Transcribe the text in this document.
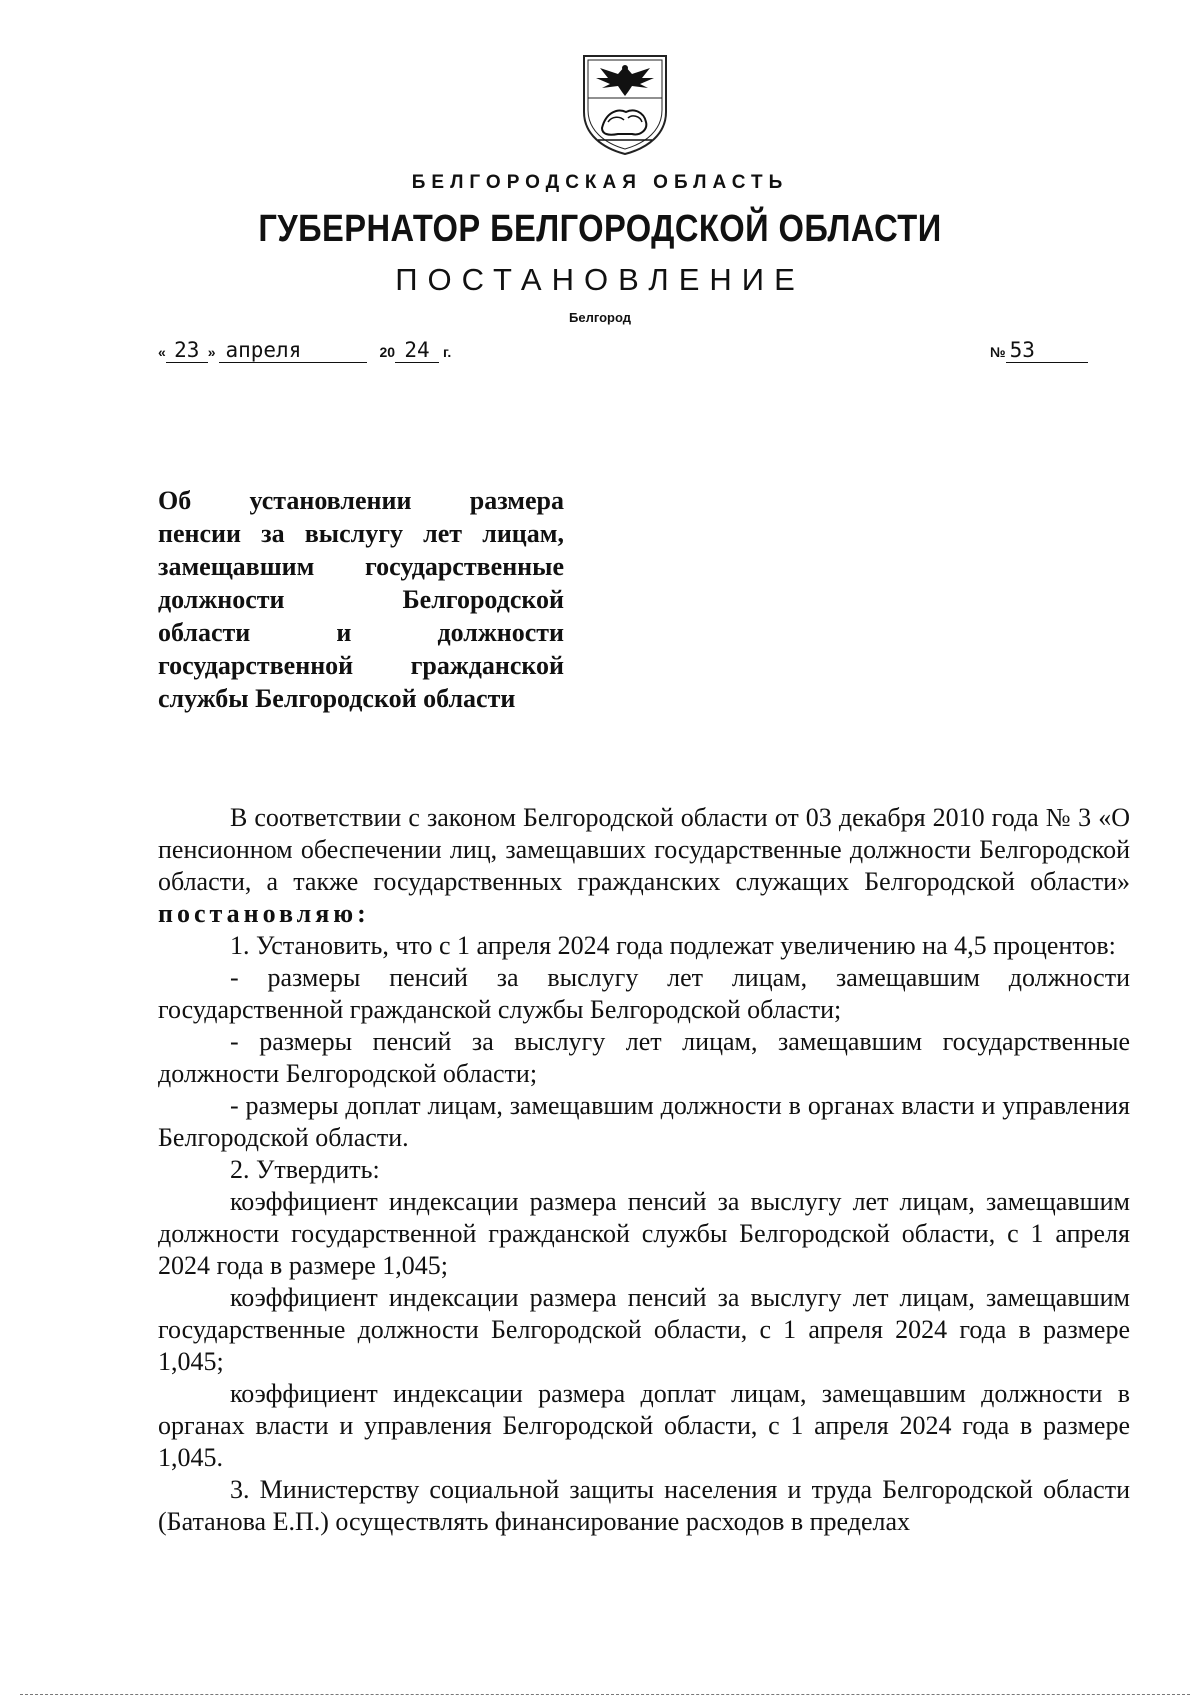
БЕЛГОРОДСКАЯ ОБЛАСТЬ
ГУБЕРНАТОР БЕЛГОРОДСКОЙ ОБЛАСТИ
ПОСТАНОВЛЕНИЕ
Белгород
« 23 » апреля	20 24 г.	№ 53
Об установлении размера
пенсии за выслугу лет лицам,
замещавшим государственные
должности Белгородской
области и должности
государственной гражданской
службы Белгородской области

В соответствии с законом Белгородской области от 03 декабря 2010 года № 3 «О пенсионном обеспечении лиц, замещавших государственные должности Белгородской области, а также государственных гражданских служащих Белгородской области» постановляю:

1. Установить, что с 1 апреля 2024 года подлежат увеличению на 4,5 процентов:

- размеры пенсий за выслугу лет лицам, замещавшим должности государственной гражданской службы Белгородской области;

- размеры пенсий за выслугу лет лицам, замещавшим государственные должности Белгородской области;

- размеры доплат лицам, замещавшим должности в органах власти и управления Белгородской области.

2. Утвердить:

коэффициент индексации размера пенсий за выслугу лет лицам, замещавшим должности государственной гражданской службы Белгородской области, с 1 апреля 2024 года в размере 1,045;

коэффициент индексации размера пенсий за выслугу лет лицам, замещавшим государственные должности Белгородской области, с 1 апреля 2024 года в размере 1,045;

коэффициент индексации размера доплат лицам, замещавшим должности в органах власти и управления Белгородской области, с 1 апреля 2024 года в размере 1,045.

3. Министерству социальной защиты населения и труда Белгородской области (Батанова Е.П.) осуществлять финансирование расходов в пределах
